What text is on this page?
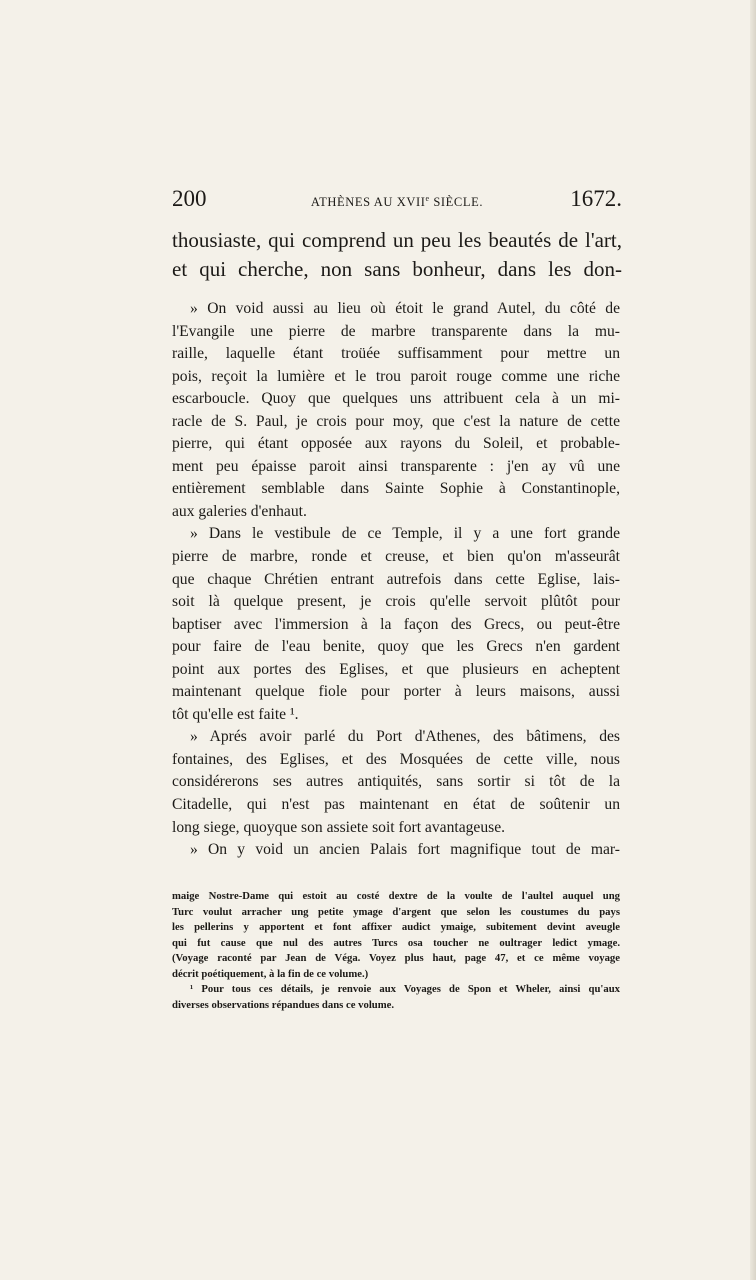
200	ATHÈNES AU XVIIe SIÈCLE.	1672.
thousiaste, qui comprend un peu les beautés de l'art,
et qui cherche, non sans bonheur, dans les don-
» On void aussi au lieu où étoit le grand Autel, du côté de
l'Evangile une pierre de marbre transparente dans la mu-
raille, laquelle étant troüée suffisamment pour mettre un
pois, reçoit la lumière et le trou paroit rouge comme une riche
escarboucle. Quoy que quelques uns attribuent cela à un mi-
racle de S. Paul, je crois pour moy, que c'est la nature de cette
pierre, qui étant opposée aux rayons du Soleil, et probable-
ment peu épaisse paroit ainsi transparente : j'en ay vû une
entièrement semblable dans Sainte Sophie à Constantinople,
aux galeries d'enhaut.
» Dans le vestibule de ce Temple, il y a une fort grande
pierre de marbre, ronde et creuse, et bien qu'on m'asseurât
que chaque Chrétien entrant autrefois dans cette Eglise, lais-
soit là quelque present, je crois qu'elle servoit plûtôt pour
baptiser avec l'immersion à la façon des Grecs, ou peut-être
pour faire de l'eau benite, quoy que les Grecs n'en gardent
point aux portes des Eglises, et que plusieurs en acheptent
maintenant quelque fiole pour porter à leurs maisons, aussi
tôt qu'elle est faite ¹.
» Aprés avoir parlé du Port d'Athenes, des bâtimens, des
fontaines, des Eglises, et des Mosquées de cette ville, nous
considérerons ses autres antiquités, sans sortir si tôt de la
Citadelle, qui n'est pas maintenant en état de soûtenir un
long siege, quoyque son assiete soit fort avantageuse.
» On y void un ancien Palais fort magnifique tout de mar-
maige Nostre-Dame qui estoit au costé dextre de la voulte de l'aultel auquel ung
Turc voulut arracher ung petite ymage d'argent que selon les coustumes du pays
les pellerins y apportent et font affixer audict ymaige, subitement devint aveugle
qui fut cause que nul des autres Turcs osa toucher ne oultrager ledict ymage.
(Voyage raconté par Jean de Véga. Voyez plus haut, page 47, et ce même voyage
décrit poétiquement, à la fin de ce volume.)
¹ Pour tous ces détails, je renvoie aux Voyages de Spon et Wheler, ainsi qu'aux
diverses observations répandues dans ce volume.
